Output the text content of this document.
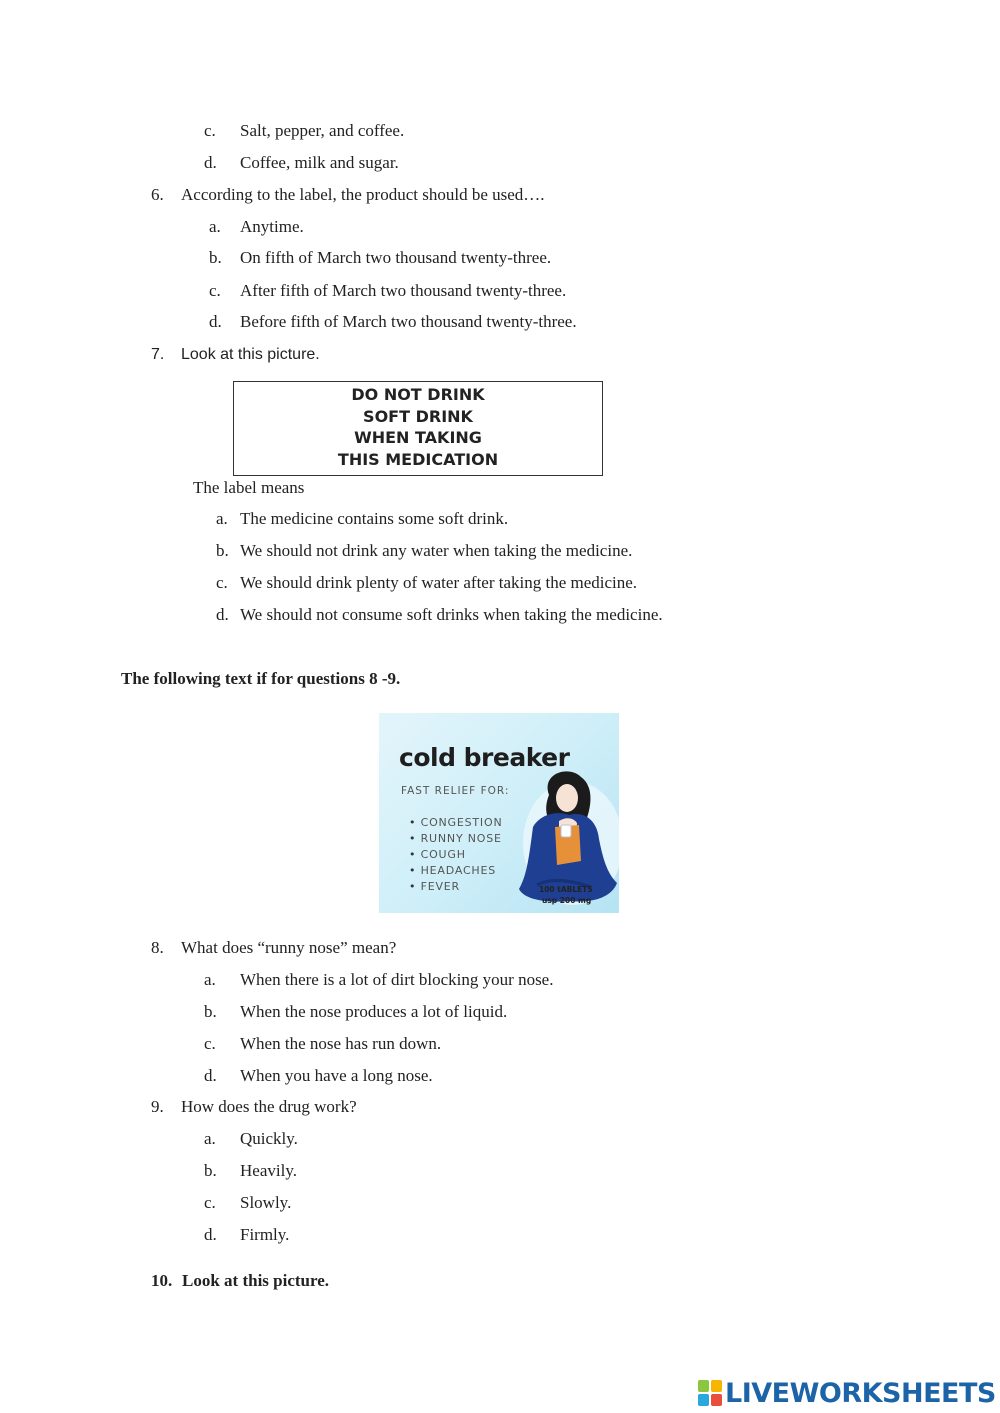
c. Salt, pepper, and coffee.
d. Coffee, milk and sugar.
6. According to the label, the product should be used….
a. Anytime.
b. On fifth of March two thousand twenty-three.
c. After fifth of March two thousand twenty-three.
d. Before fifth of March two thousand twenty-three.
7. Look at this picture.
DO NOT DRINK
SOFT DRINK
WHEN TAKING
THIS MEDICATION
The label means
a. The medicine contains some soft drink.
b. We should not drink any water when taking the medicine.
c. We should drink plenty of water after taking the medicine.
d. We should not consume soft drinks when taking the medicine.
The following text if for questions 8 -9.
cold breaker
FAST RELIEF FOR:
• CONGESTION
• RUNNY NOSE
• COUGH
• HEADACHES
• FEVER	100 tABLETS
usp 200 mg
8. What does “runny nose” mean?
a. When there is a lot of dirt blocking your nose.
b. When the nose produces a lot of liquid.
c. When the nose has run down.
d. When you have a long nose.
9. How does the drug work?
a. Quickly.
b. Heavily.
c. Slowly.
d. Firmly.
10. Look at this picture.
LIVEWORKSHEETS
